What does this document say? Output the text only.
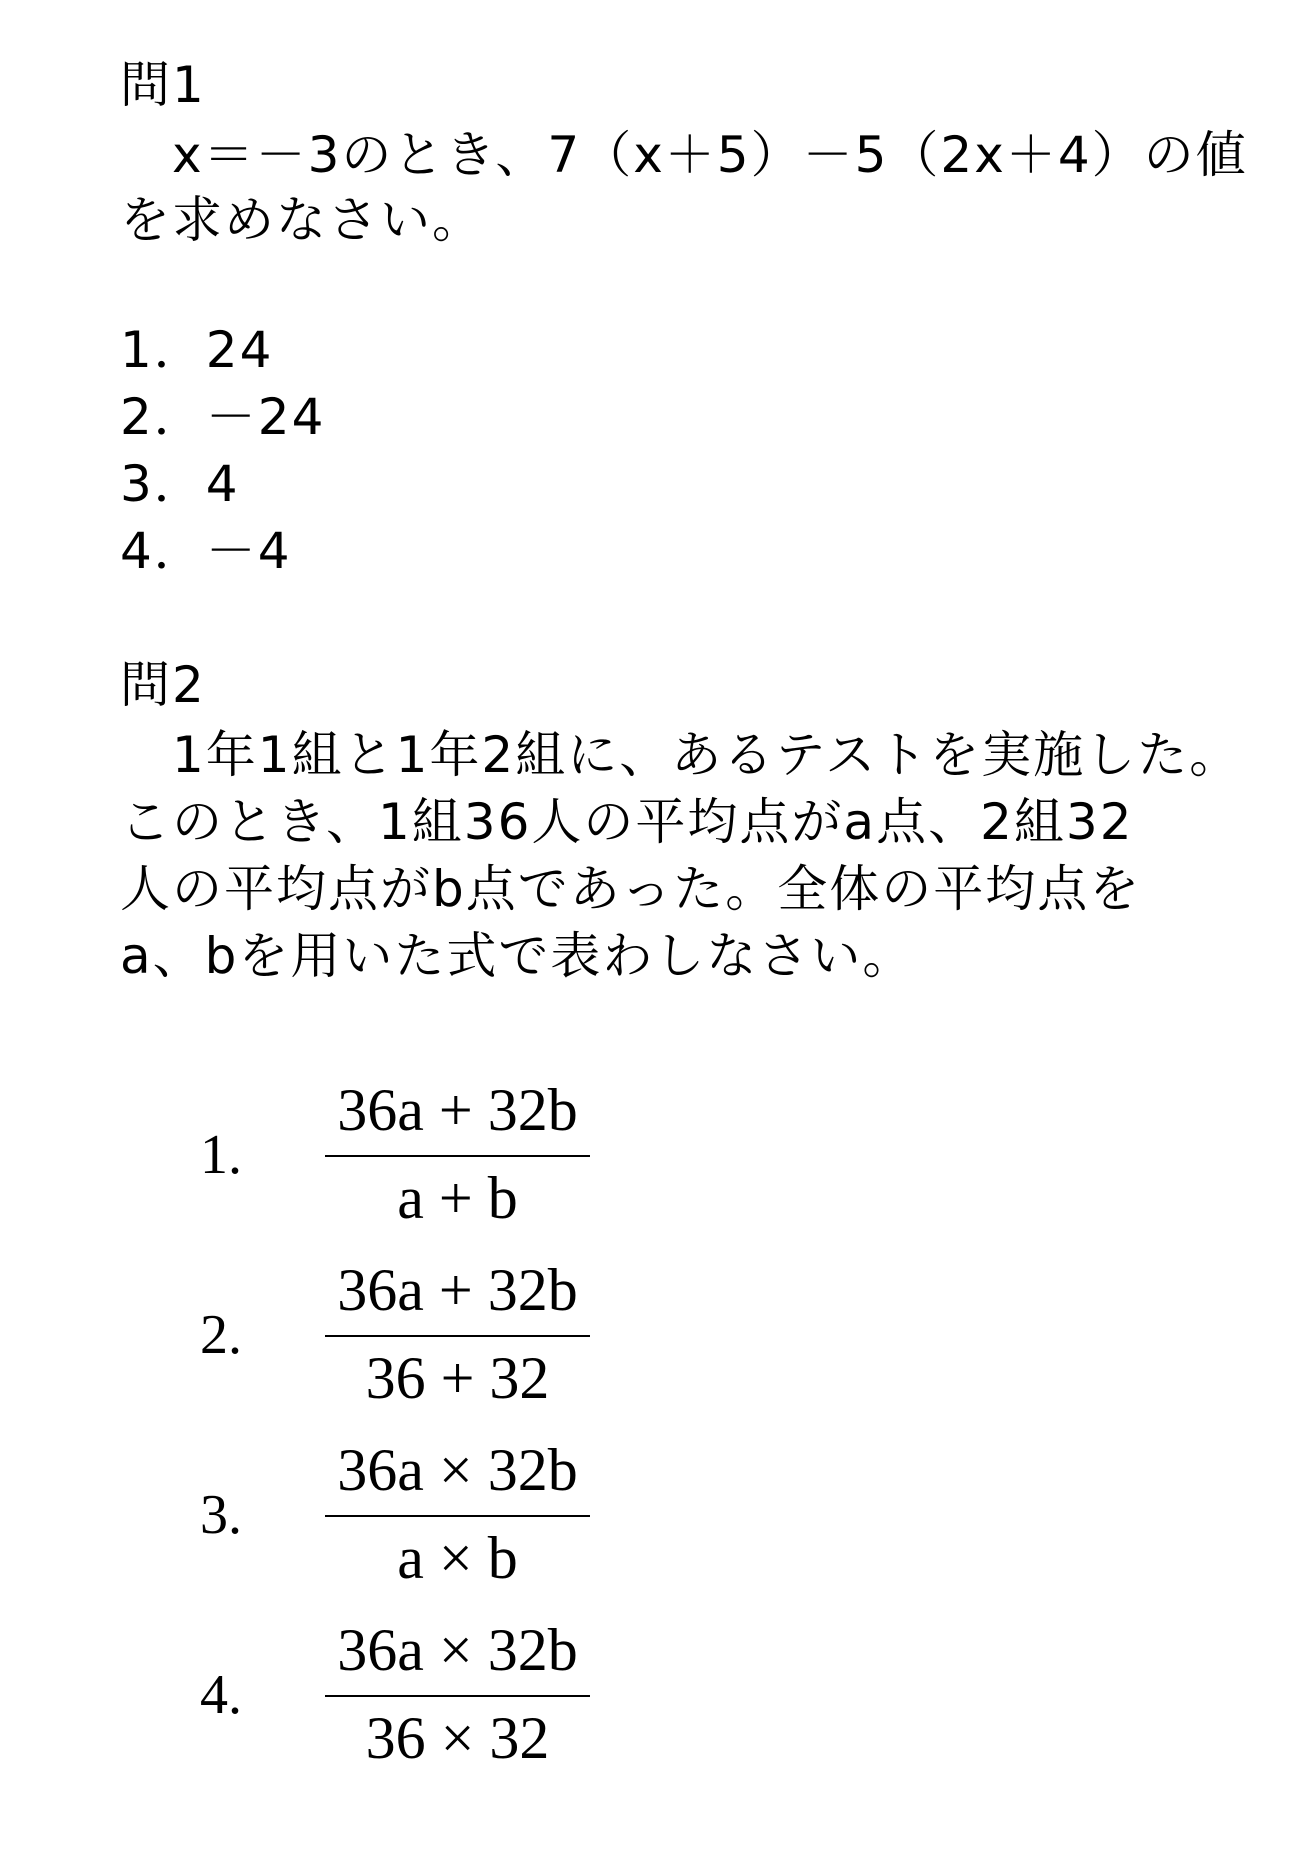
問1
　x＝－3のとき、7（x＋5）－5（2x＋4）の値
を求めなさい。
1．24
2．－24
3．4
4．－4
問2
　1年1組と1年2組に、あるテストを実施した。
このとき、1組36人の平均点がa点、2組32
人の平均点がb点であった。全体の平均点を
a、bを用いた式で表わしなさい。
1.
36a + 32b
a + b
2.
36a + 32b
36 + 32
3.
36a × 32b
a × b
4.
36a × 32b
36 × 32
